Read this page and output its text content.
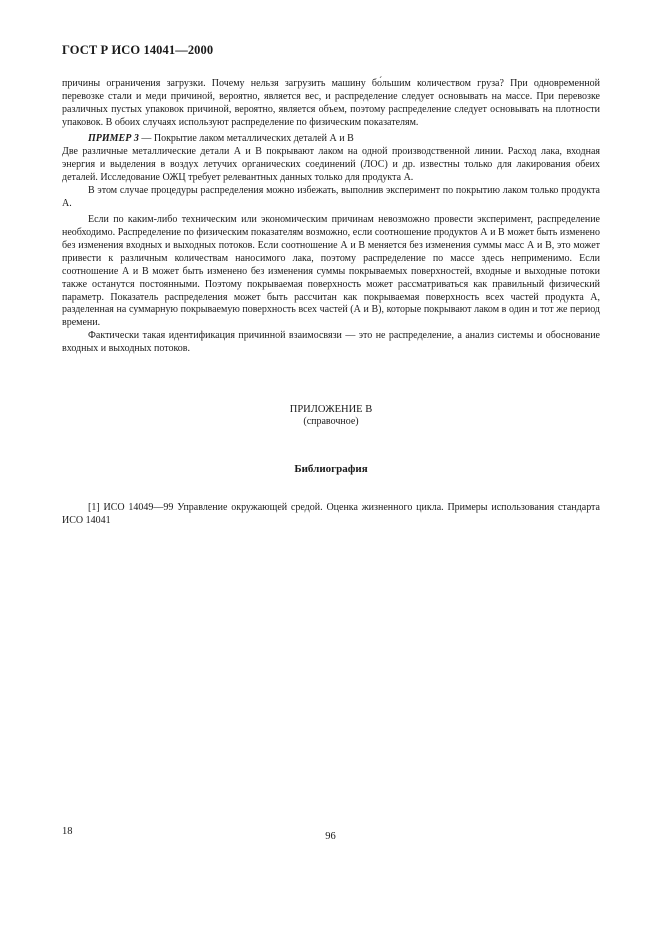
ГОСТ Р ИСО 14041—2000

причины ограничения загрузки. Почему нельзя загрузить машину бо́льшим количеством груза? При одновременной перевозке стали и меди причиной, вероятно, является вес, и распределение следует основывать на массе. При перевозке различных пустых упаковок причиной, вероятно, является объем, поэтому распределение следует основывать на плотности упаковок. В обоих случаях используют распределение по физическим показателям.

ПРИМЕР 3 — Покрытие лаком металлических деталей А и В

Две различные металлические детали А и В покрывают лаком на одной производственной линии. Расход лака, входная энергия и выделения в воздух летучих органических соединений (ЛОС) и др. известны только для лакирования обеих деталей. Исследование ОЖЦ требует релевантных данных только для продукта А.

В этом случае процедуры распределения можно избежать, выполнив эксперимент по покрытию лаком только продукта А.

Если по каким-либо техническим или экономическим причинам невозможно провести эксперимент, распределение необходимо. Распределение по физическим показателям возможно, если соотношение продуктов А и В может быть изменено без изменения входных и выходных потоков. Если соотношение А и В меняется без изменения суммы масс А и В, это может привести к различным количествам наносимого лака, поэтому распределение по массе здесь неприменимо. Если соотношение А и В может быть изменено без изменения суммы покрываемых поверхностей, входные и выходные потоки также останутся постоянными. Поэтому покрываемая поверхность может рассматриваться как правильный физический параметр. Показатель распределения может быть рассчитан как покрываемая поверхность всех частей продукта А, разделенная на суммарную покрываемую поверхность всех частей (А и В), которые покрывают лаком в один и тот же период времени.

Фактически такая идентификация причинной взаимосвязи — это не распределение, а анализ системы и обоснование входных и выходных потоков.

ПРИЛОЖЕНИЕ В
(справочное)
Библиография

[1] ИСО 14049—99 Управление окружающей средой. Оценка жизненного цикла. Примеры использования стандарта ИСО 14041

18	96
